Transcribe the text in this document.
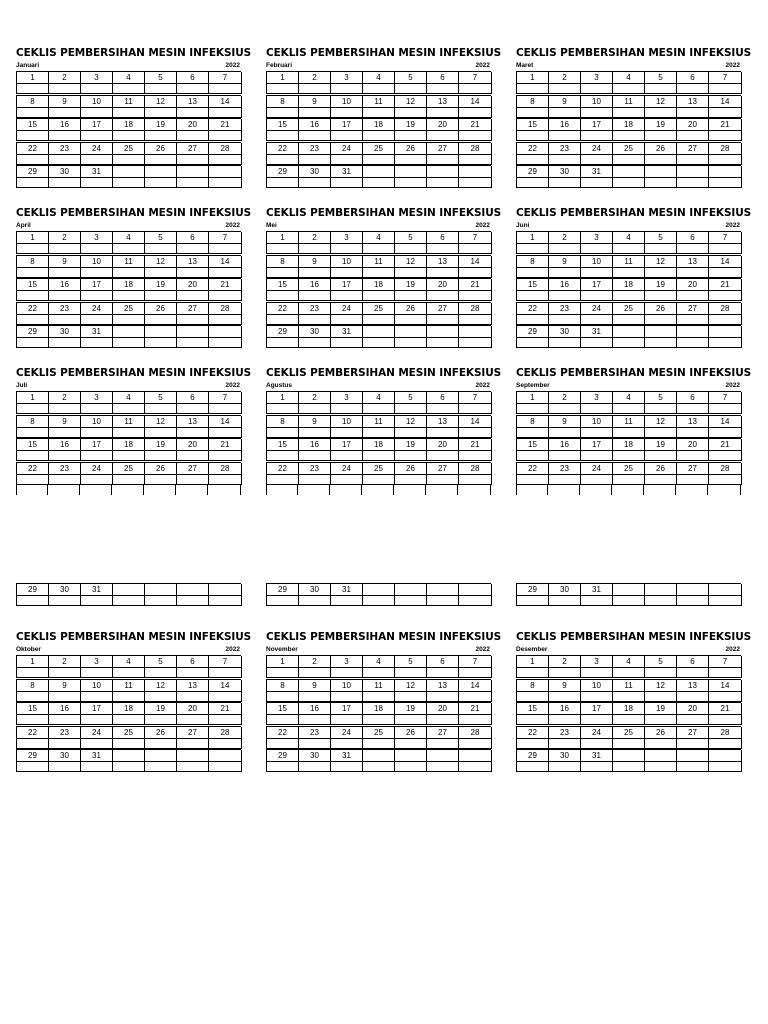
CEKLIS PEMBERSIHAN MESIN INFEKSIUS
Januari	2022
1	2	3	4	5	6	7
8	9	10	11	12	13	14
15	16	17	18	19	20	21
22	23	24	25	26	27	28
29	30	31
CEKLIS PEMBERSIHAN MESIN INFEKSIUS
Februari	2022
1	2	3	4	5	6	7
8	9	10	11	12	13	14
15	16	17	18	19	20	21
22	23	24	25	26	27	28
29	30	31
CEKLIS PEMBERSIHAN MESIN INFEKSIUS
Maret	2022
1	2	3	4	5	6	7
8	9	10	11	12	13	14
15	16	17	18	19	20	21
22	23	24	25	26	27	28
29	30	31
CEKLIS PEMBERSIHAN MESIN INFEKSIUS
April	2022
1	2	3	4	5	6	7
8	9	10	11	12	13	14
15	16	17	18	19	20	21
22	23	24	25	26	27	28
29	30	31
CEKLIS PEMBERSIHAN MESIN INFEKSIUS
Mei	2022
1	2	3	4	5	6	7
8	9	10	11	12	13	14
15	16	17	18	19	20	21
22	23	24	25	26	27	28
29	30	31
CEKLIS PEMBERSIHAN MESIN INFEKSIUS
Juni	2022
1	2	3	4	5	6	7
8	9	10	11	12	13	14
15	16	17	18	19	20	21
22	23	24	25	26	27	28
29	30	31
CEKLIS PEMBERSIHAN MESIN INFEKSIUS
Juli	2022
1	2	3	4	5	6	7
8	9	10	11	12	13	14
15	16	17	18	19	20	21
22	23	24	25	26	27	28
29	30	31
CEKLIS PEMBERSIHAN MESIN INFEKSIUS
Agustus	2022
1	2	3	4	5	6	7
8	9	10	11	12	13	14
15	16	17	18	19	20	21
22	23	24	25	26	27	28
29	30	31
CEKLIS PEMBERSIHAN MESIN INFEKSIUS
September	2022
1	2	3	4	5	6	7
8	9	10	11	12	13	14
15	16	17	18	19	20	21
22	23	24	25	26	27	28
29	30	31
CEKLIS PEMBERSIHAN MESIN INFEKSIUS
Oktober	2022
1	2	3	4	5	6	7
8	9	10	11	12	13	14
15	16	17	18	19	20	21
22	23	24	25	26	27	28
29	30	31
CEKLIS PEMBERSIHAN MESIN INFEKSIUS
November	2022
1	2	3	4	5	6	7
8	9	10	11	12	13	14
15	16	17	18	19	20	21
22	23	24	25	26	27	28
29	30	31
CEKLIS PEMBERSIHAN MESIN INFEKSIUS
Desember	2022
1	2	3	4	5	6	7
8	9	10	11	12	13	14
15	16	17	18	19	20	21
22	23	24	25	26	27	28
29	30	31
